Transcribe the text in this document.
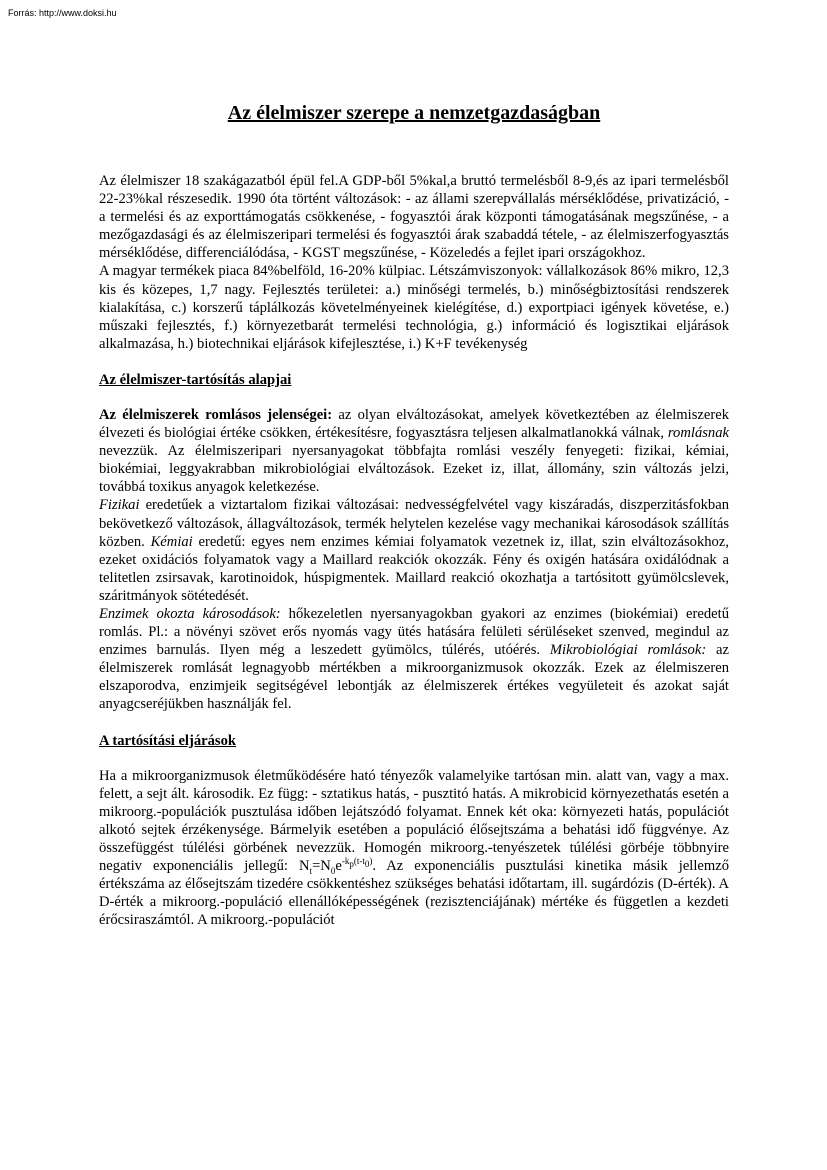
Forrás: http://www.doksi.hu
Az élelmiszer szerepe a nemzetgazdaságban

Az élelmiszer 18 szakágazatból épül fel.A GDP-ből 5%kal,a bruttó termelésből 8-9,és az ipari termelésből 22-23%kal részesedik. 1990 óta történt változások: - az állami szerepvállalás mérséklődése, privatizáció, - a termelési és az exporttámogatás csökkenése, - fogyasztói árak központi támogatásának megszűnése, - a mezőgazdasági és az élelmiszeripari termelési és fogyasztói árak szabaddá tétele, - az élelmiszerfogyasztás mérséklődése, differenciálódása, - KGST megszűnése, - Közeledés a fejlet ipari országokhoz.

A magyar termékek piaca 84%belföld, 16-20% külpiac. Létszámviszonyok: vállalkozások 86% mikro, 12,3 kis és közepes, 1,7 nagy. Fejlesztés területei: a.) minőségi termelés, b.) minőségbiztosítási rendszerek kialakítása, c.) korszerű táplálkozás követelményeinek kielégítése, d.) exportpiaci igények követése, e.) műszaki fejlesztés, f.) környezetbarát termelési technológia, g.) információ és logisztikai eljárások alkalmazása, h.) biotechnikai eljárások kifejlesztése, i.) K+F tevékenység

Az élelmiszer-tartósítás alapjai

Az élelmiszerek romlásos jelenségei: az olyan elváltozásokat, amelyek következtében az élelmiszerek élvezeti és biológiai értéke csökken, értékesítésre, fogyasztásra teljesen alkalmatlanokká válnak, romlásnak nevezzük. Az élelmiszeripari nyersanyagokat többfajta romlási veszély fenyegeti: fizikai, kémiai, biokémiai, leggyakrabban mikrobiológiai elváltozások. Ezeket iz, illat, állomány, szin változás jelzi, továbbá toxikus anyagok keletkezése.

Fizikai eredetűek a viztartalom fizikai változásai: nedvességfelvétel vagy kiszáradás, diszperzitásfokban bekövetkező változások, állagváltozások, termék helytelen kezelése vagy mechanikai károsodások szállítás közben. Kémiai eredetű: egyes nem enzimes kémiai folyamatok vezetnek iz, illat, szin elváltozásokhoz, ezeket oxidációs folyamatok vagy a Maillard reakciók okozzák. Fény és oxigén hatására oxidálódnak a telitetlen zsirsavak, karotinoidok, húspigmentek. Maillard reakció okozhatja a tartósitott gyümölcslevek, száritmányok sötétedését.

Enzimek okozta károsodások: hőkezeletlen nyersanyagokban gyakori az enzimes (biokémiai) eredetű romlás. Pl.: a növényi szövet erős nyomás vagy ütés hatására felületi sérüléseket szenved, megindul az enzimes barnulás. Ilyen még a leszedett gyümölcs, túlérés, utóérés. Mikrobiológiai romlások: az élelmiszerek romlását legnagyobb mértékben a mikroorganizmusok okozzák. Ezek az élelmiszeren elszaporodva, enzimjeik segitségével lebontják az élelmiszerek értékes vegyületeit és azokat saját anyagcseréjükben használják fel.

A tartósítási eljárások

Ha a mikroorganizmusok életműködésére ható tényezők valamelyike tartósan min. alatt van, vagy a max. felett, a sejt ált. károsodik. Ez függ: - sztatikus hatás, - pusztitó hatás. A mikrobicid környezethatás esetén a mikroorg.-populációk pusztulása időben lejátszódó folyamat. Ennek két oka: környezeti hatás, populációt alkotó sejtek érzékenysége. Bármelyik esetében a populáció élősejtszáma a behatási idő függvénye. Az összefüggést túlélési görbének nevezzük. Homogén mikroorg.-tenyészetek túlélési görbéje többnyire negativ exponenciális jellegű: $N_t=N_0e^{-k_p(t-t_0)}$. Az exponenciális pusztulási kinetika másik jellemző értékszáma az élősejtszám tizedére csökkentéshez szükséges behatási időtartam, ill. sugárdózis (D-érték). A D-érték a mikroorg.-populáció ellenállóképességének (rezisztenciájának) mértéke és független a kezdeti érőcsiraszámtól. A mikroorg.-populációt
